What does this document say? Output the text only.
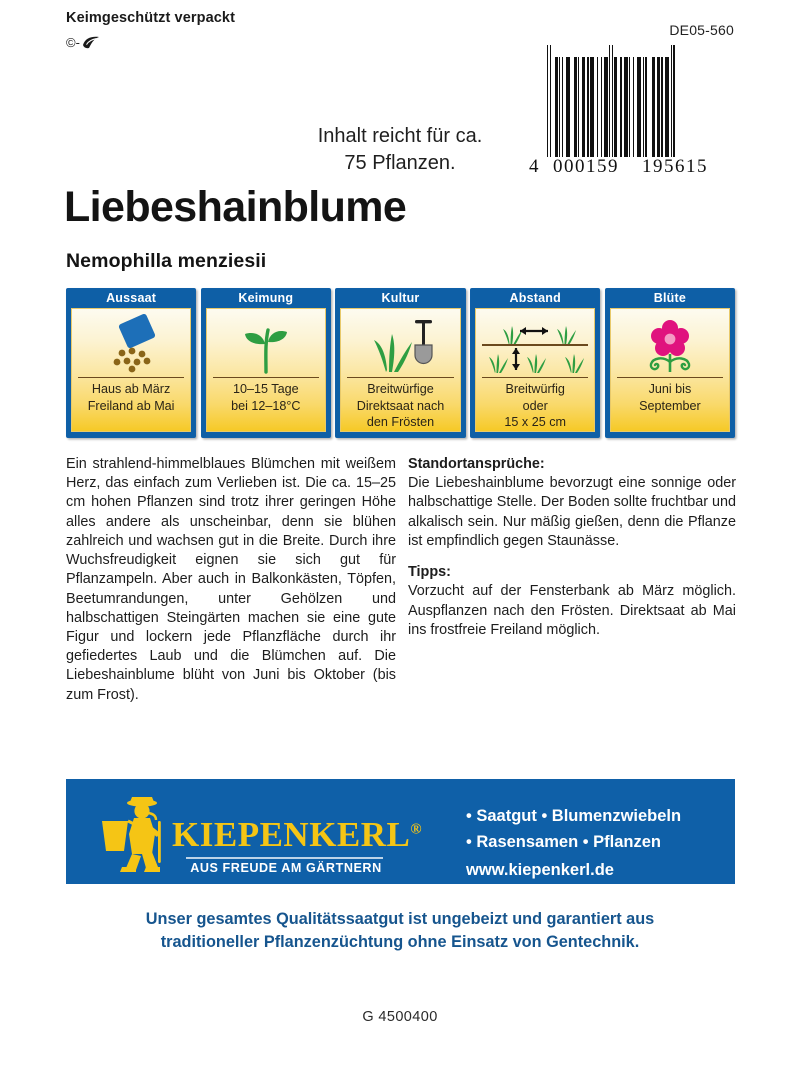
Keimgeschützt verpackt
©-
DE05-560
4 000159 195615
Inhalt reicht für ca.
75 Pflanzen.
Liebeshainblume
Nemophilla menziesii
Aussaat
Haus ab März
Freiland ab Mai
Keimung
10–15 Tage
bei 12–18°C
Kultur
Breitwürfige
Direktsaat nach
den Frösten
Abstand
Breitwürfig
oder
15 x 25 cm
Blüte
Juni bis
September
Ein strahlend-himmelblaues Blümchen mit weißem Herz, das einfach zum Verlieben ist. Die ca. 15–25 cm hohen Pflanzen sind trotz ihrer geringen Höhe alles andere als unscheinbar, denn sie blühen zahlreich und wachsen gut in die Breite. Durch ihre Wuchsfreudigkeit eignen sie sich gut für Pflanzampeln. Aber auch in Balkonkästen, Töpfen, Beetumrandungen, unter Gehölzen und halbschattigen Steingärten machen sie eine gute Figur und lockern jede Pflanzfläche durch ihr gefiedertes Laub und die Blümchen auf. Die Liebeshainblume blüht von Juni bis Oktober (bis zum Frost).
Standortansprüche:
Die Liebeshainblume bevorzugt eine sonnige oder halbschattige Stelle. Der Boden sollte fruchtbar und alkalisch sein. Nur mäßig gießen, denn die Pflanze ist empfindlich gegen Staunässe.
Tipps:
Vorzucht auf der Fensterbank ab März möglich. Auspflanzen nach den Frösten. Direktsaat ab Mai ins frostfreie Freiland möglich.
KIEPENKERL®
AUS FREUDE AM GÄRTNERN
• Saatgut • Blumenzwiebeln
• Rasensamen • Pflanzen
www.kiepenkerl.de
Unser gesamtes Qualitätssaatgut ist ungebeizt und garantiert aus
traditioneller Pflanzenzüchtung ohne Einsatz von Gentechnik.
G 4500400
